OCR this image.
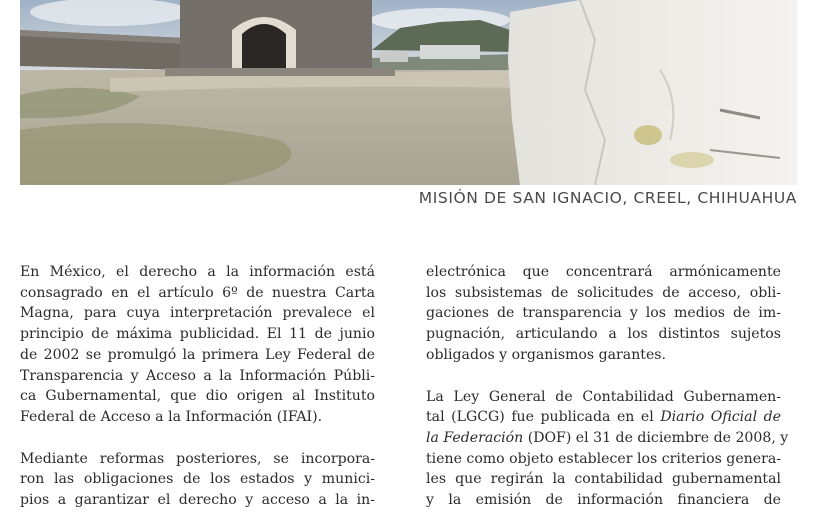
MISIÓN DE SAN IGNACIO, CREEL, CHIHUAHUA

En México, el derecho a la información está
consagrado en el artículo 6º de nuestra Carta
Magna, para cuya interpretación prevalece el
principio de máxima publicidad. El 11 de junio
de 2002 se promulgó la primera Ley Federal de
Transparencia y Acceso a la Información Públi-
ca Gubernamental, que dio origen al Instituto
Federal de Acceso a la Información (IFAI).

Mediante reformas posteriores, se incorpora-
ron las obligaciones de los estados y munici-
pios a garantizar el derecho y acceso a la in-

electrónica que concentrará armónicamente
los subsistemas de solicitudes de acceso, obli-
gaciones de transparencia y los medios de im-
pugnación, articulando a los distintos sujetos
obligados y organismos garantes.

La Ley General de Contabilidad Gubernamen-
tal (LGCG) fue publicada en el Diario Oficial de
la Federación (DOF) el 31 de diciembre de 2008, y
tiene como objeto establecer los criterios genera-
les que regirán la contabilidad gubernamental
y la emisión de información financiera de
